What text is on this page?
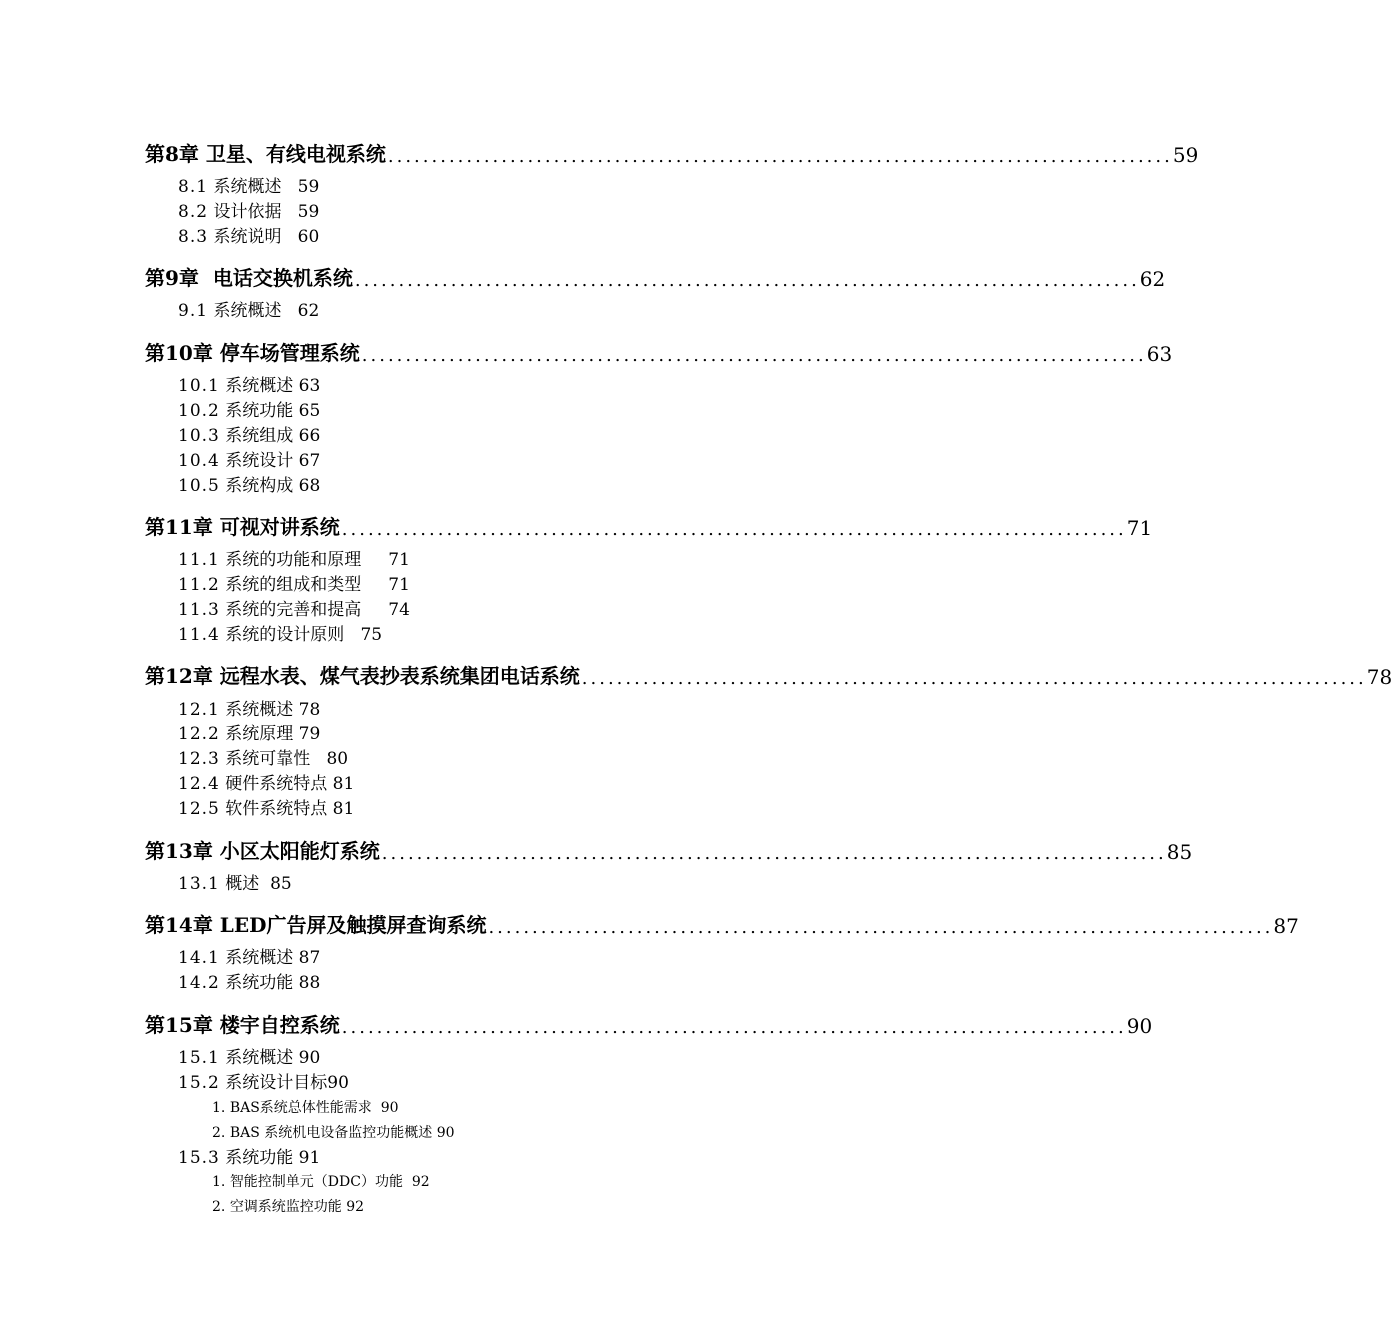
第8章 卫星、有线电视系统 .......................................................................................... 59
8.1 系统概述 59
8.2 设计依据 59
8.3 系统说明 60
第9章  电话交换机系统 .......................................................................................... 62
9.1 系统概述 62
第10章 停车场管理系统 .......................................................................................... 63
10.1 系统概述 63
10.2 系统功能 65
10.3 系统组成 66
10.4 系统设计 67
10.5 系统构成 68
第11章 可视对讲系统 .......................................................................................... 71
11.1 系统的功能和原理 71
11.2 系统的组成和类型 71
11.3 系统的完善和提高 74
11.4 系统的设计原则 75
第12章 远程水表、煤气表抄表系统集团电话系统 .......................................................................................... 78
12.1 系统概述 78
12.2 系统原理 79
12.3 系统可靠性 80
12.4 硬件系统特点 81
12.5 软件系统特点 81
第13章 小区太阳能灯系统 .......................................................................................... 85
13.1 概述 85
第14章 LED广告屏及触摸屏查询系统 .......................................................................................... 87
14.1 系统概述 87
14.2 系统功能 88
第15章 楼宇自控系统 .......................................................................................... 90
15.1 系统概述 90
15.2 系统设计目标90
1. BAS系统总体性能需求 90
2. BAS 系统机电设备监控功能概述 90
15.3 系统功能 91
1. 智能控制单元（DDC）功能 92
2. 空调系统监控功能 92
